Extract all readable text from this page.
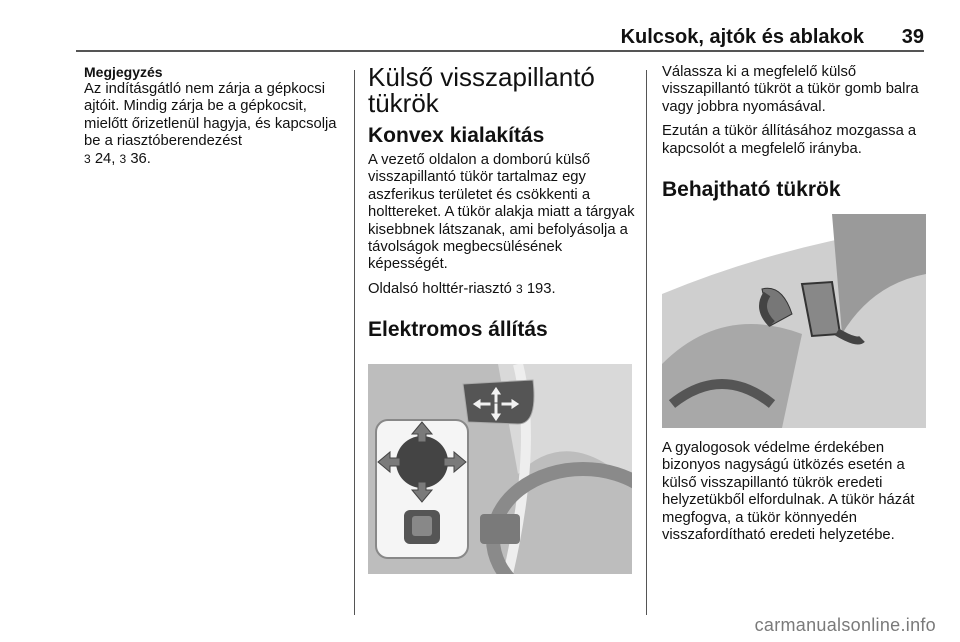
Kulcsok, ajtók és ablakok 39
Megjegyzés

Az indításgátló nem zárja a gépkocsi ajtóit. Mindig zárja be a gépkocsit, mielőtt őrizetlenül hagyja, és kapcsolja be a riasztóberendezést
3 24, 3 36.

Külső visszapillantó tükrök
Konvex kialakítás

A vezető oldalon a domború külső visszapillantó tükör tartalmaz egy aszferikus területet és csökkenti a holttereket. A tükör alakja miatt a tárgyak kisebbnek látszanak, ami befolyásolja a távolságok megbecsülésének képességét.

Oldalsó holttér-riasztó 3 193.

Elektromos állítás

Válassza ki a megfelelő külső visszapillantó tükröt a tükör gomb balra vagy jobbra nyomásával.

Ezután a tükör állításához mozgassa a kapcsolót a megfelelő irányba.

Behajtható tükrök

A gyalogosok védelme érdekében bizonyos nagyságú ütközés esetén a külső visszapillantó tükrök eredeti helyzetükből elfordulnak. A tükör házát megfogva, a tükör könnyedén visszafordítható eredeti helyzetébe.

carmanualsonline.info
